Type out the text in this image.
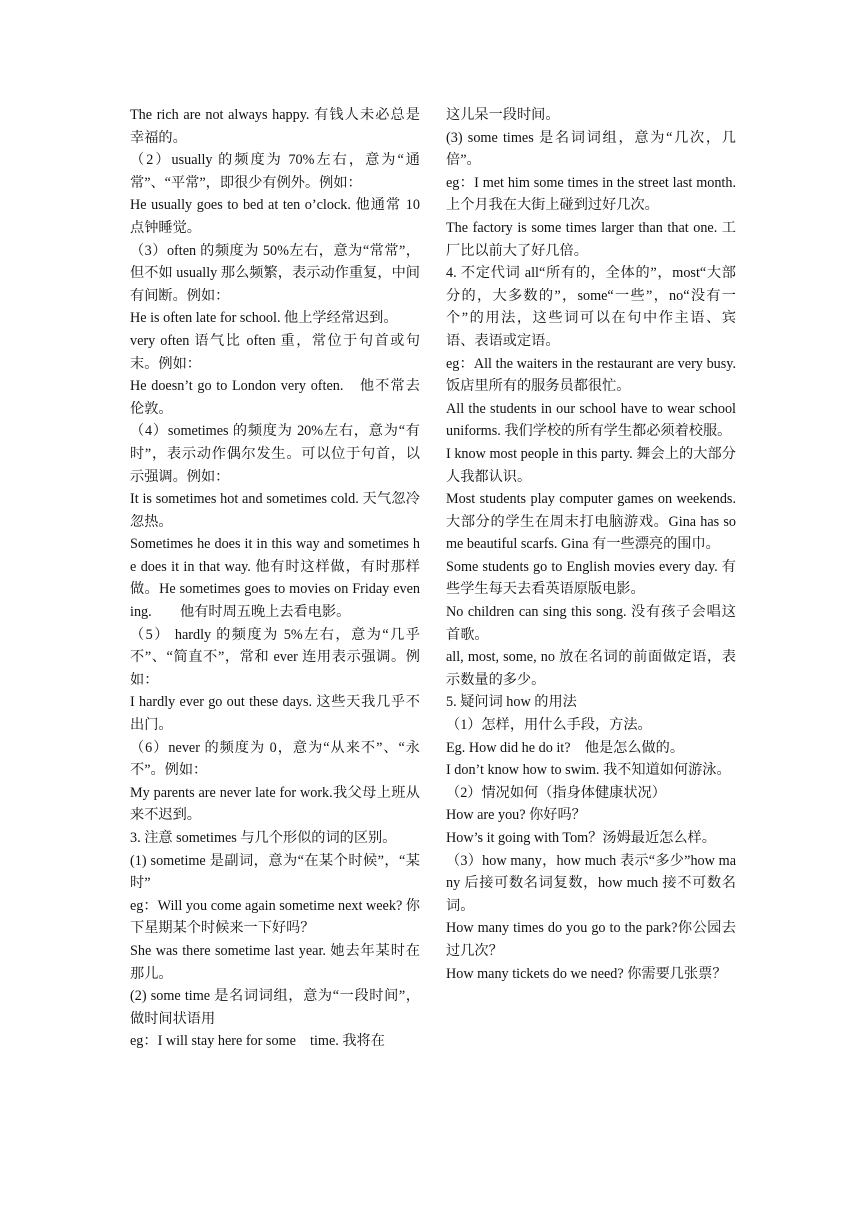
The rich are not always happy. 有钱人未必总是幸福的。

（2）usually 的频度为 70%左右，意为“通常”、“平常”，即很少有例外。例如：

He usually goes to bed at ten o’clock. 他通常 10 点钟睡觉。

（3）often 的频度为 50%左右，意为“常常”，但不如 usually 那么频繁，表示动作重复，中间有间断。例如：

He is often late for school. 他上学经常迟到。

very often 语气比 often 重，常位于句首或句末。例如：

He doesn’t go to London very often.　他不常去伦敦。

（4）sometimes 的频度为 20%左右，意为“有时”，表示动作偶尔发生。可以位于句首，以示强调。例如：

It is sometimes hot and sometimes cold. 天气忽冷忽热。

Sometimes he does it in this way and sometimes he does it in that way. 他有时这样做，有时那样做。He sometimes goes to movies on Friday evening.　　他有时周五晚上去看电影。

（5） hardly 的频度为 5%左右，意为“几乎不”、“简直不”，常和 ever 连用表示强调。例如：

I hardly ever go out these days. 这些天我几乎不出门。

（6）never 的频度为 0，意为“从来不”、“永不”。例如：

My parents are never late for work.我父母上班从来不迟到。

3. 注意 sometimes 与几个形似的词的区别。

(1) sometime 是副词，意为“在某个时候”，“某时”

eg：Will you come again sometime next week? 你下星期某个时候来一下好吗？

She was there sometime last year. 她去年某时在那儿。

(2) some time 是名词词组，意为“一段时间”，做时间状语用

eg：I will stay here for some　time. 我将在

这儿呆一段时间。

(3) some times 是名词词组，意为“几次，几倍”。

eg：I met him some times in the street last month.上个月我在大街上碰到过好几次。

The factory is some times larger than that one. 工厂比以前大了好几倍。

4. 不定代词 all“所有的，全体的”，most“大部分的，大多数的”，some“一些”，no“没有一个”的用法，这些词可以在句中作主语、宾语、表语或定语。

eg：All the waiters in the restaurant are very busy. 饭店里所有的服务员都很忙。

All the students in our school have to wear school uniforms. 我们学校的所有学生都必须着校服。

I know most people in this party. 舞会上的大部分人我都认识。

Most students play computer games on weekends.大部分的学生在周末打电脑游戏。Gina has some beautiful scarfs. Gina 有一些漂亮的围巾。

Some students go to English movies every day. 有些学生每天去看英语原版电影。

No children can sing this song. 没有孩子会唱这首歌。

all, most, some, no 放在名词的前面做定语，表示数量的多少。

5. 疑问词 how 的用法

（1）怎样，用什么手段，方法。

Eg. How did he do it?　他是怎么做的。

I don’t know how to swim. 我不知道如何游泳。

（2）情况如何（指身体健康状况）

How are you? 你好吗？

How’s it going with Tom？汤姆最近怎么样。

（3）how many，how much 表示“多少”how many 后接可数名词复数，how much 接不可数名词。

How many times do you go to the park?你公园去过几次？

How many tickets do we need? 你需要几张票？
